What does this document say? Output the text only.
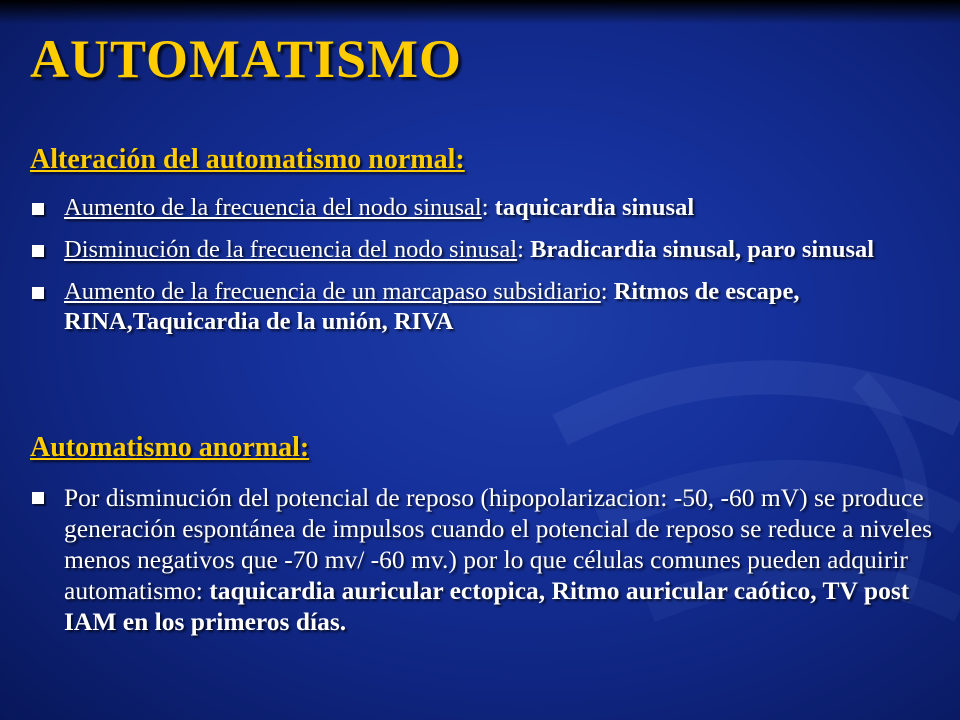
AUTOMATISMO
Alteración del automatismo normal:
Aumento de la frecuencia del nodo sinusal: taquicardia sinusal
Disminución de la frecuencia del nodo sinusal: Bradicardia sinusal, paro sinusal
Aumento de la frecuencia de un marcapaso subsidiario: Ritmos de escape, RINA,Taquicardia de la unión, RIVA
Automatismo anormal:
Por disminución del potencial de reposo (hipopolarizacion: -50, -60 mV) se produce generación espontánea de impulsos cuando el potencial de reposo se reduce a niveles menos negativos que -70 mv/ -60 mv.) por lo que células comunes pueden adquirir automatismo: taquicardia auricular ectopica, Ritmo auricular caótico, TV post IAM en los primeros días.
